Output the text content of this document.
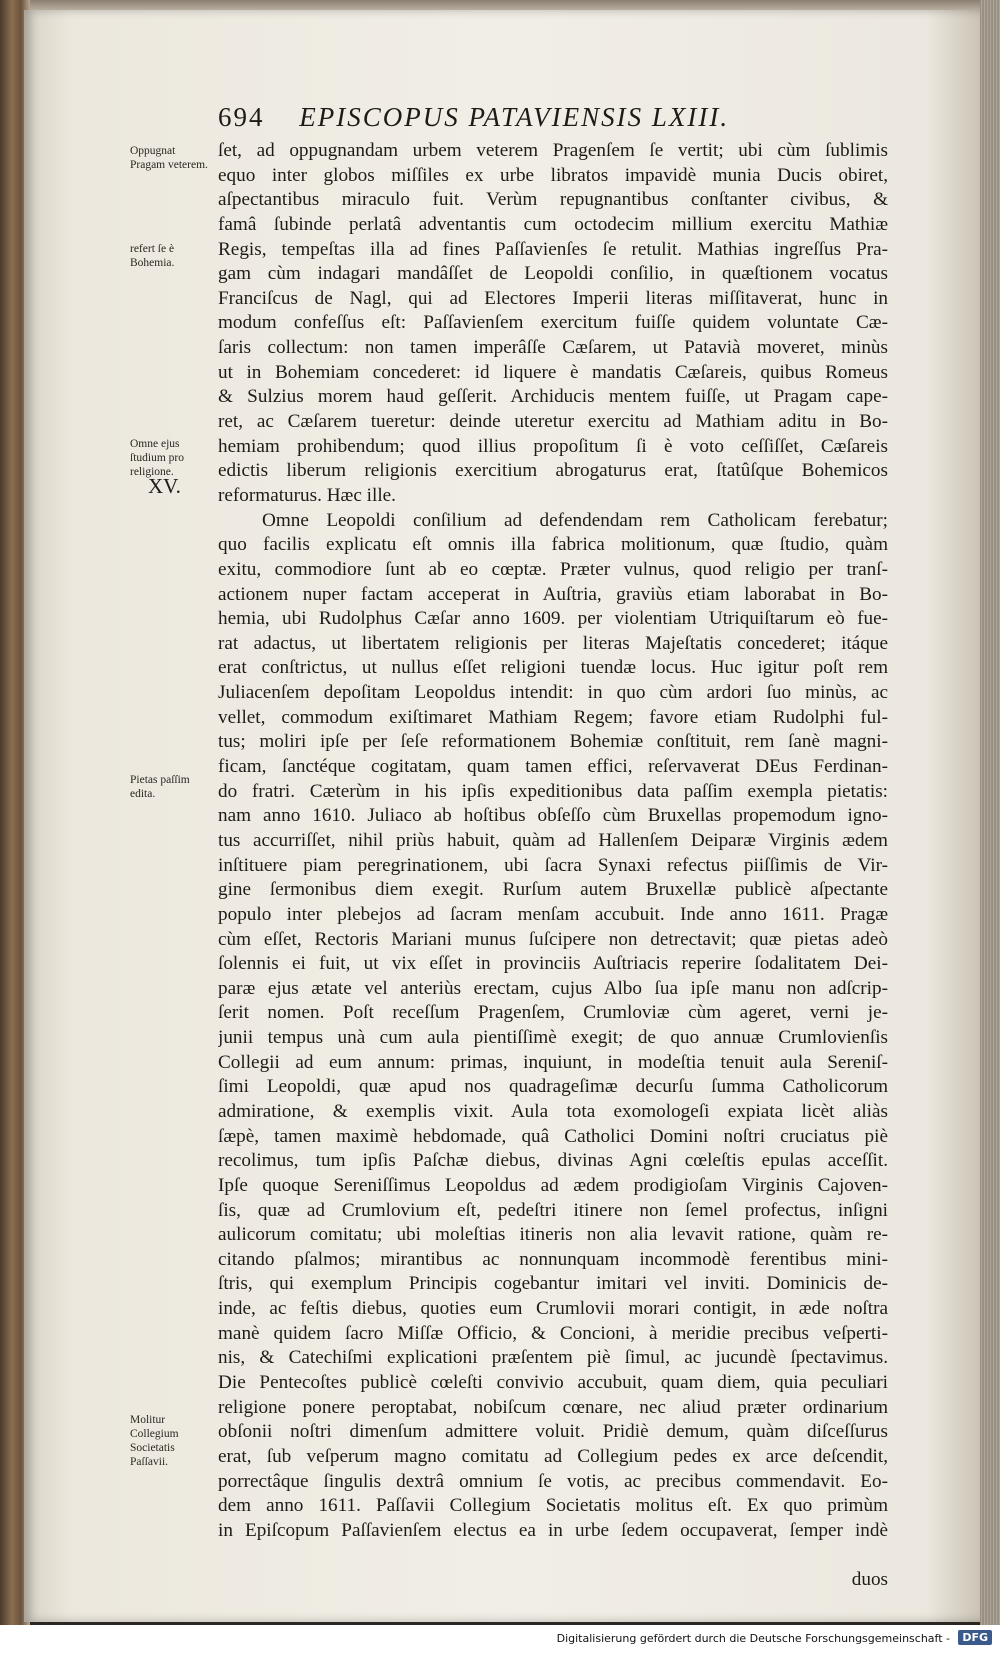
694 EPISCOPUS PATAVIENSIS LXIII.
Oppugnat Pragam veterem.
refert ſe è Bohemia.
Omne ejus ſtudium pro religione.
XV.
Pietas paſſim edita.
Molitur Collegium Societatis Paſſavii.
ſet, ad oppugnandam urbem veterem Pragenſem ſe vertit; ubi cùm ſublimis
equo inter globos miſſiles ex urbe libratos impavidè munia Ducis obiret,
aſpectantibus miraculo fuit. Verùm repugnantibus conſtanter civibus, &
famâ ſubinde perlatâ adventantis cum octodecim millium exercitu Mathiæ
Regis, tempeſtas illa ad fines Paſſavienſes ſe retulit. Mathias ingreſſus Pra-
gam cùm indagari mandâſſet de Leopoldi conſilio, in quæſtionem vocatus
Franciſcus de Nagl, qui ad Electores Imperii literas miſſitaverat, hunc in
modum confeſſus eſt: Paſſavienſem exercitum fuiſſe quidem voluntate Cæ-
ſaris collectum: non tamen imperâſſe Cæſarem, ut Patavià moveret, minùs
ut in Bohemiam concederet: id liquere è mandatis Cæſareis, quibus Romeus
& Sulzius morem haud geſſerit. Archiducis mentem fuiſſe, ut Pragam cape-
ret, ac Cæſarem tueretur: deinde uteretur exercitu ad Mathiam aditu in Bo-
hemiam prohibendum; quod illius propoſitum ſi è voto ceſſiſſet, Cæſareis
edictis liberum religionis exercitium abrogaturus erat, ſtatûſque Bohemicos
reformaturus. Hæc ille.
Omne Leopoldi conſilium ad defendendam rem Catholicam ferebatur;
quo facilis explicatu eſt omnis illa fabrica molitionum, quæ ſtudio, quàm
exitu, commodiore ſunt ab eo cœptæ. Præter vulnus, quod religio per tranſ-
actionem nuper factam acceperat in Auſtria, graviùs etiam laborabat in Bo-
hemia, ubi Rudolphus Cæſar anno 1609. per violentiam Utriquiſtarum eò fue-
rat adactus, ut libertatem religionis per literas Majeſtatis concederet; itáque
erat conſtrictus, ut nullus eſſet religioni tuendæ locus. Huc igitur poſt rem
Juliacenſem depoſitam Leopoldus intendit: in quo cùm ardori ſuo minùs, ac
vellet, commodum exiſtimaret Mathiam Regem; favore etiam Rudolphi ful-
tus; moliri ipſe per ſeſe reformationem Bohemiæ conſtituit, rem ſanè magni-
ficam, ſanctéque cogitatam, quam tamen effici, reſervaverat DEus Ferdinan-
do fratri. Cæterùm in his ipſis expeditionibus data paſſim exempla pietatis:
nam anno 1610. Juliaco ab hoſtibus obſeſſo cùm Bruxellas propemodum igno-
tus accurriſſet, nihil priùs habuit, quàm ad Hallenſem Deiparæ Virginis ædem
inſtituere piam peregrinationem, ubi ſacra Synaxi refectus piiſſimis de Vir-
gine ſermonibus diem exegit. Rurſum autem Bruxellæ publicè aſpectante
populo inter plebejos ad ſacram menſam accubuit. Inde anno 1611. Pragæ
cùm eſſet, Rectoris Mariani munus ſuſcipere non detrectavit; quæ pietas adeò
ſolennis ei fuit, ut vix eſſet in provinciis Auſtriacis reperire ſodalitatem Dei-
paræ ejus ætate vel anteriùs erectam, cujus Albo ſua ipſe manu non adſcrip-
ſerit nomen. Poſt receſſum Pragenſem, Crumloviæ cùm ageret, verni je-
junii tempus unà cum aula pientiſſimè exegit; de quo annuæ Crumlovienſis
Collegii ad eum annum: primas, inquiunt, in modeſtia tenuit aula Sereniſ-
ſimi Leopoldi, quæ apud nos quadrageſimæ decurſu ſumma Catholicorum
admiratione, & exemplis vixit. Aula tota exomologeſi expiata licèt aliàs
ſæpè, tamen maximè hebdomade, quâ Catholici Domini noſtri cruciatus piè
recolimus, tum ipſis Paſchæ diebus, divinas Agni cœleſtis epulas acceſſit.
Ipſe quoque Sereniſſimus Leopoldus ad ædem prodigioſam Virginis Cajoven-
ſis, quæ ad Crumlovium eſt, pedeſtri itinere non ſemel profectus, inſigni
aulicorum comitatu; ubi moleſtias itineris non alia levavit ratione, quàm re-
citando pſalmos; mirantibus ac nonnunquam incommodè ferentibus mini-
ſtris, qui exemplum Principis cogebantur imitari vel inviti. Dominicis de-
inde, ac feſtis diebus, quoties eum Crumlovii morari contigit, in æde noſtra
manè quidem ſacro Miſſæ Officio, & Concioni, à meridie precibus veſperti-
nis, & Catechiſmi explicationi præſentem piè ſimul, ac jucundè ſpectavimus.
Die Pentecoſtes publicè cœleſti convivio accubuit, quam diem, quia peculiari
religione ponere peroptabat, nobiſcum cœnare, nec aliud præter ordinarium
obſonii noſtri dimenſum admittere voluit. Pridiè demum, quàm diſceſſurus
erat, ſub veſperum magno comitatu ad Collegium pedes ex arce deſcendit,
porrectâque ſingulis dextrâ omnium ſe votis, ac precibus commendavit. Eo-
dem anno 1611. Paſſavii Collegium Societatis molitus eſt. Ex quo primùm
in Epiſcopum Paſſavienſem electus ea in urbe ſedem occupaverat, ſemper indè
duos
Digitalisierung gefördert durch die Deutsche Forschungsgemeinschaft -	DFG
